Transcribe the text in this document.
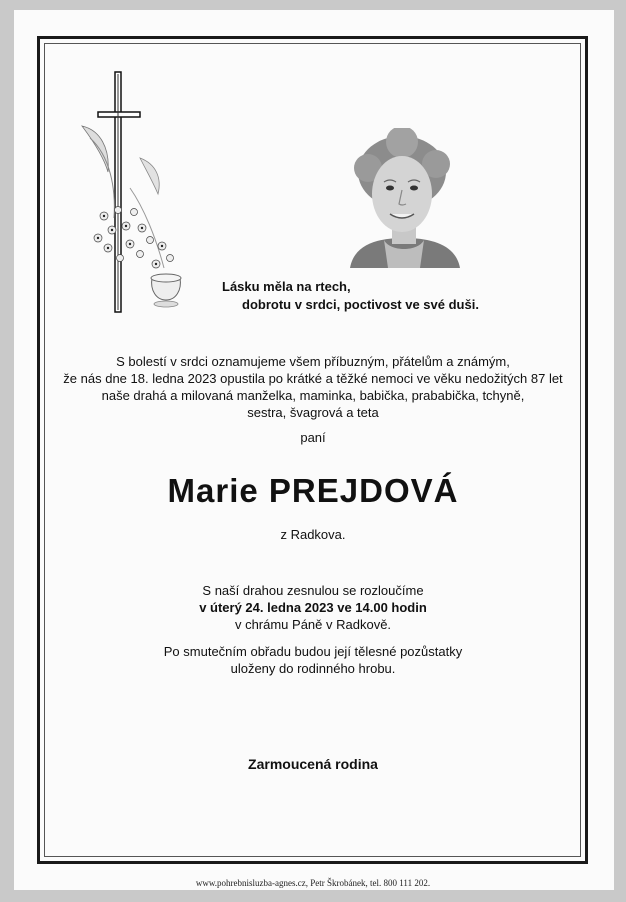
Lásku měla na rtech,
dobrotu v srdci, poctivost ve své duši.
S bolestí v srdci oznamujeme všem příbuzným, přátelům a známým,
že nás dne 18. ledna 2023 opustila po krátké a těžké nemoci ve věku nedožitých 87 let
naše drahá a milovaná manželka, maminka, babička, prababička, tchyně,
sestra, švagrová a teta
paní
Marie PREJDOVÁ
z Radkova.
S naší drahou zesnulou se rozloučíme
v úterý 24. ledna 2023 ve 14.00 hodin
v chrámu Páně v Radkově.
Po smutečním obřadu budou její tělesné pozůstatky
uloženy do rodinného hrobu.
Zarmoucená rodina
www.pohrebnisluzba-agnes.cz, Petr Škrobánek, tel. 800 111 202.
